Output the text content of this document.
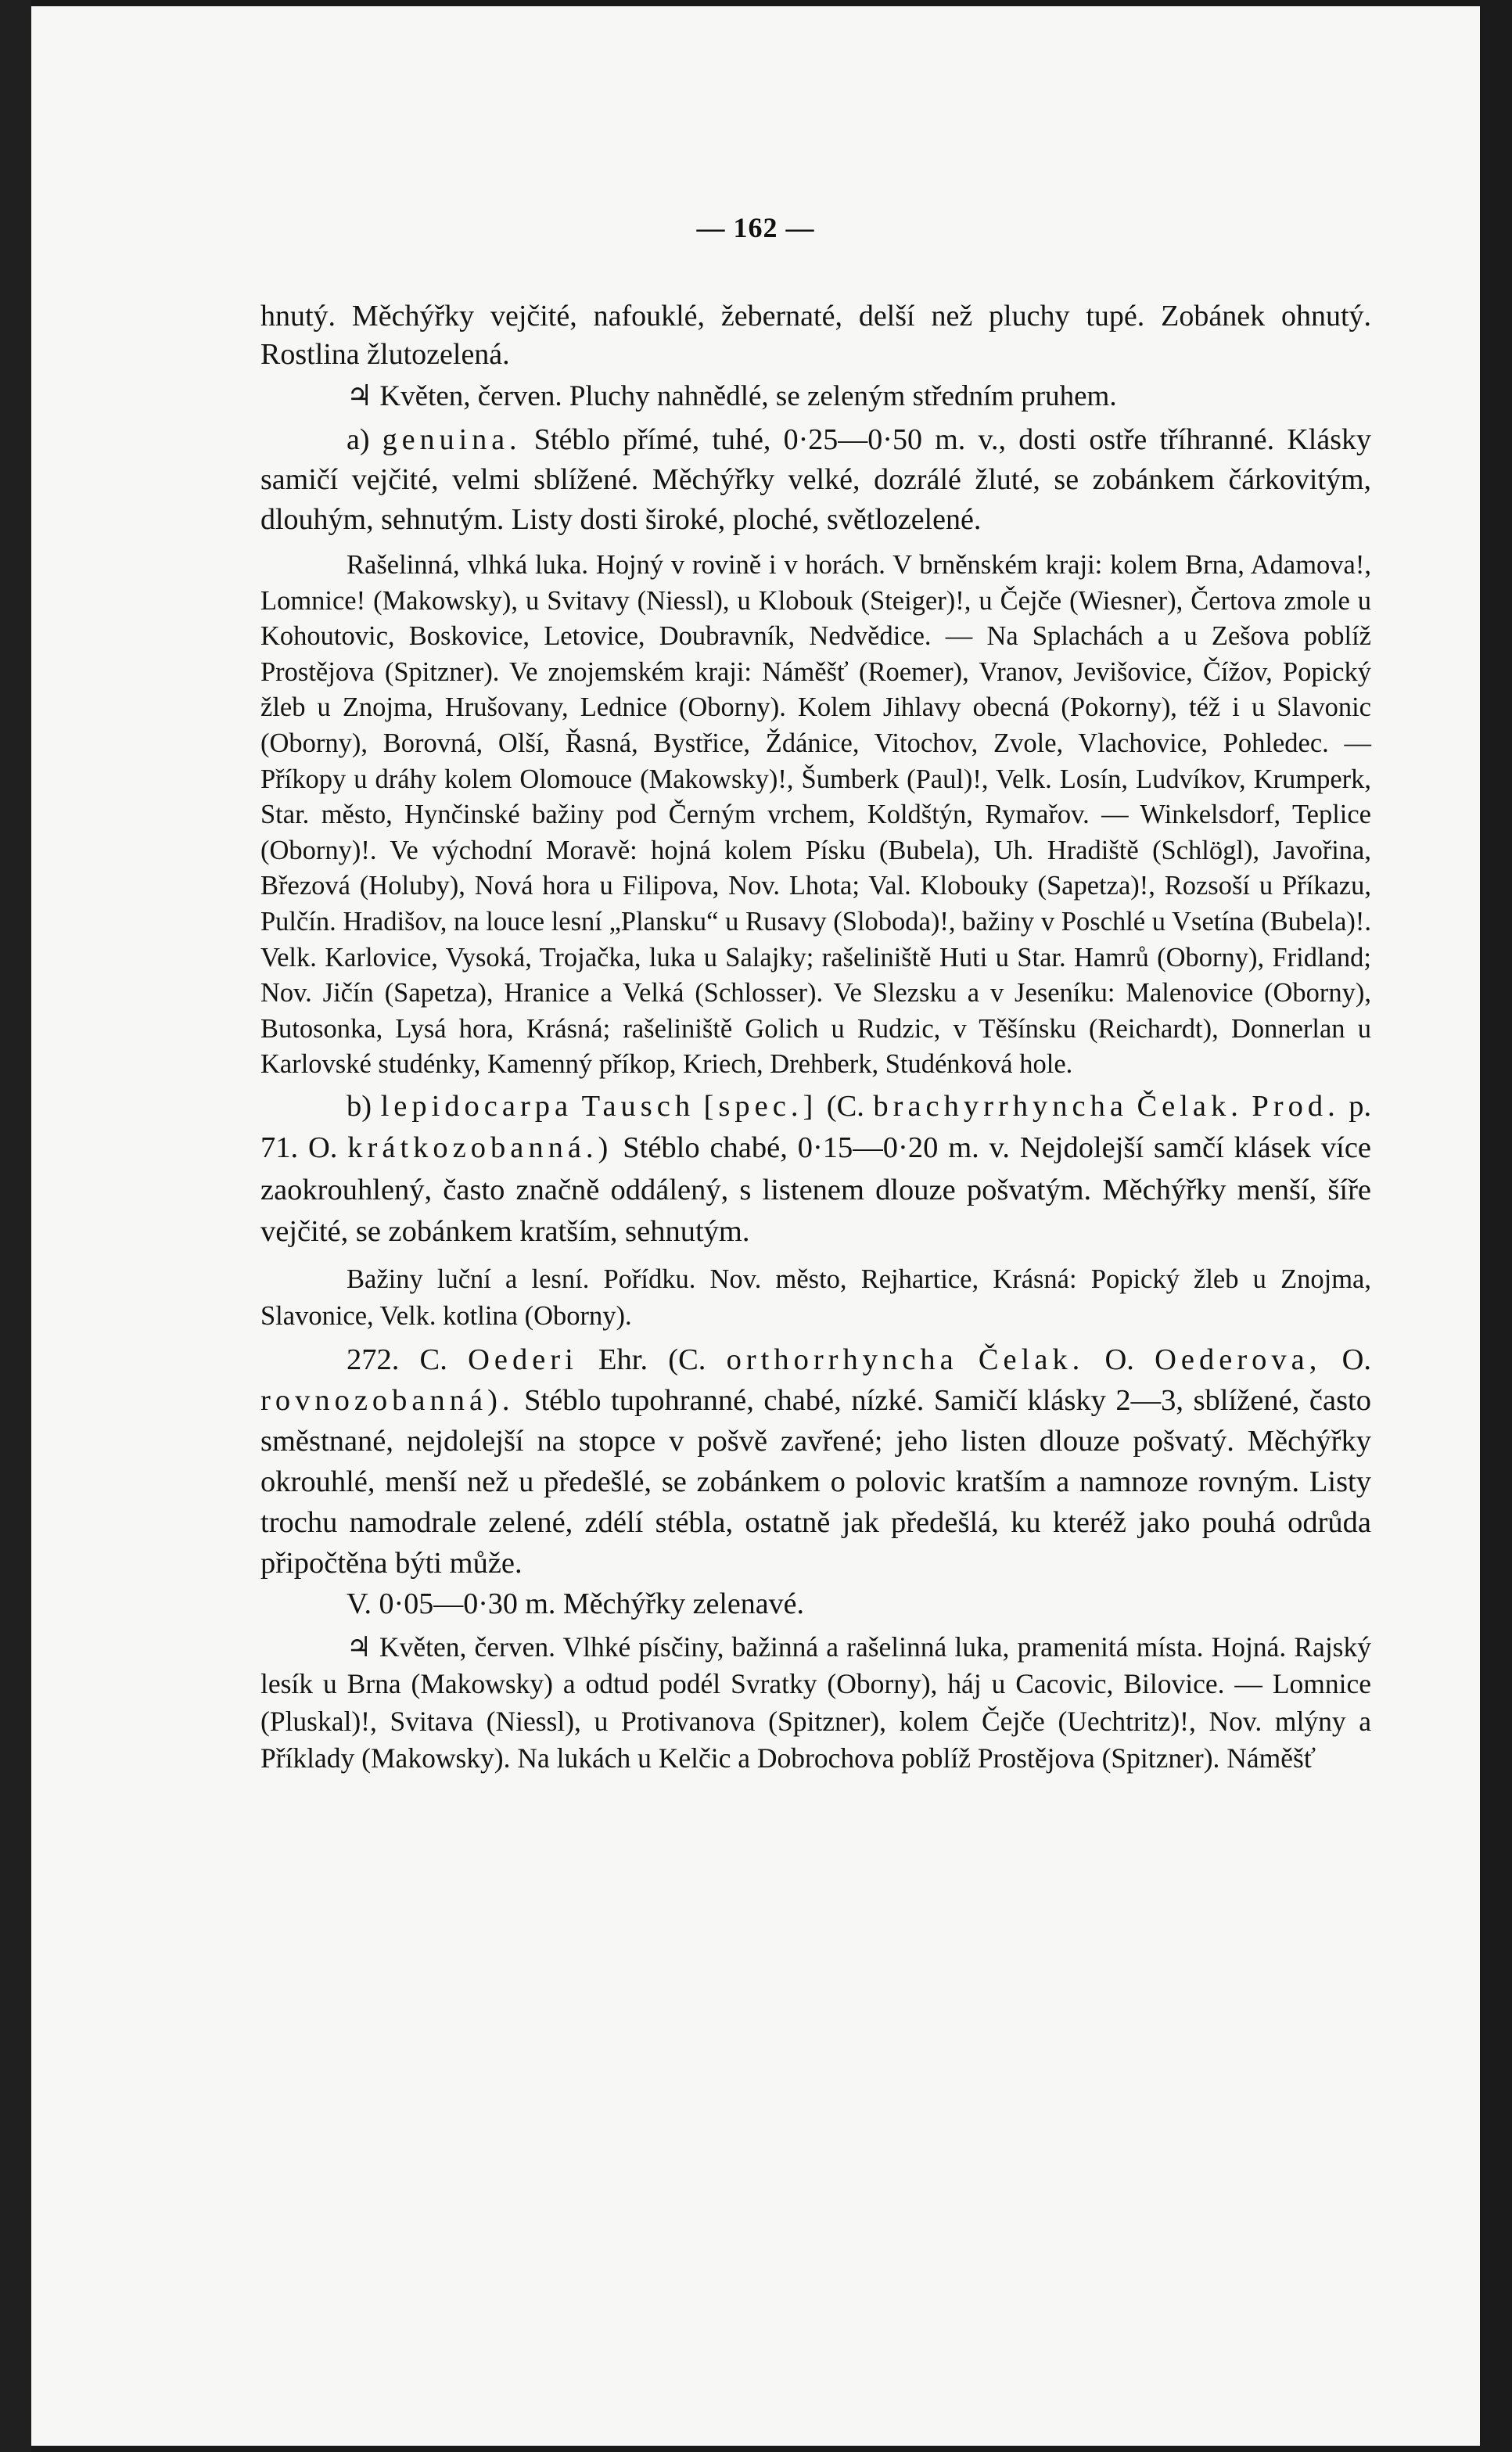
— 162 —

hnutý. Měchýřky vejčité, nafouklé, žebernaté, delší než pluchy tupé. Zobánek ohnutý. Rostlina žlutozelená.

♃ Květen, červen. Pluchy nahnědlé, se zeleným středním pruhem.

a) genuina. Stéblo přímé, tuhé, 0·25—0·50 m. v., dosti ostře tříhranné. Klásky samičí vejčité, velmi sblížené. Měchýřky velké, dozrálé žluté, se zobánkem čárkovitým, dlouhým, sehnutým. Listy dosti široké, ploché, světlozelené.

Rašelinná, vlhká luka. Hojný v rovině i v horách. V brněnském kraji: kolem Brna, Adamova!, Lomnice! (Makowsky), u Svitavy (Niessl), u Klobouk (Steiger)!, u Čejče (Wiesner), Čertova zmole u Kohoutovic, Boskovice, Letovice, Doubravník, Nedvědice. — Na Splachách a u Zešova poblíž Prostějova (Spitzner). Ve znojemském kraji: Náměšť (Roemer), Vranov, Jevišovice, Čížov, Popický žleb u Znojma, Hrušovany, Lednice (Oborny). Kolem Jihlavy obecná (Pokorny), též i u Slavonic (Oborny), Borovná, Olší, Řasná, Bystřice, Ždánice, Vitochov, Zvole, Vlachovice, Pohledec. — Příkopy u dráhy kolem Olomouce (Makowsky)!, Šumberk (Paul)!, Velk. Losín, Ludvíkov, Krumperk, Star. město, Hynčinské bažiny pod Černým vrchem, Koldštýn, Rymařov. — Winkelsdorf, Teplice (Oborny)!. Ve východní Moravě: hojná kolem Písku (Bubela), Uh. Hradiště (Schlögl), Javořina, Březová (Holuby), Nová hora u Filipova, Nov. Lhota; Val. Klobouky (Sapetza)!, Rozsoší u Příkazu, Pulčín. Hradišov, na louce lesní „Plansku“ u Rusavy (Sloboda)!, bažiny v Poschlé u Vsetína (Bubela)!. Velk. Karlovice, Vysoká, Trojačka, luka u Salajky; rašeliniště Huti u Star. Hamrů (Oborny), Fridland; Nov. Jičín (Sapetza), Hranice a Velká (Schlosser). Ve Slezsku a v Jeseníku: Malenovice (Oborny), Butosonka, Lysá hora, Krásná; rašeliniště Golich u Rudzic, v Těšínsku (Reichardt), Donnerlan u Karlovské studénky, Kamenný příkop, Kriech, Drehberk, Studénková hole.

b) lepidocarpa Tausch [spec.] (C. brachyrrhyncha Čelak. Prod. p. 71. O. krátkozobanná.) Stéblo chabé, 0·15—0·20 m. v. Nejdolejší samčí klásek více zaokrouhlený, často značně oddálený, s listenem dlouze pošvatým. Měchýřky menší, šíře vejčité, se zobánkem kratším, sehnutým.

Bažiny luční a lesní. Pořídku. Nov. město, Rejhartice, Krásná: Popický žleb u Znojma, Slavonice, Velk. kotlina (Oborny).

272. C. Oederi Ehr. (C. orthorrhyncha Čelak. O. Oederova, O. rovnozobanná). Stéblo tupohranné, chabé, nízké. Samičí klásky 2—3, sblížené, často směstnané, nejdolejší na stopce v pošvě zavřené; jeho listen dlouze pošvatý. Měchýřky okrouhlé, menší než u předešlé, se zobánkem o polovic kratším a namnoze rovným. Listy trochu namodrale zelené, zdélí stébla, ostatně jak předešlá, ku kteréž jako pouhá odrůda připočtěna býti může.

V. 0·05—0·30 m. Měchýřky zelenavé.

♃ Květen, červen. Vlhké písčiny, bažinná a rašelinná luka, pramenitá místa. Hojná. Rajský lesík u Brna (Makowsky) a odtud podél Svratky (Oborny), háj u Cacovic, Bilovice. — Lomnice (Pluskal)!, Svitava (Niessl), u Protivanova (Spitzner), kolem Čejče (Uechtritz)!, Nov. mlýny a Příklady (Makowsky). Na lukách u Kelčic a Dobrochova poblíž Prostějova (Spitzner). Náměšť
